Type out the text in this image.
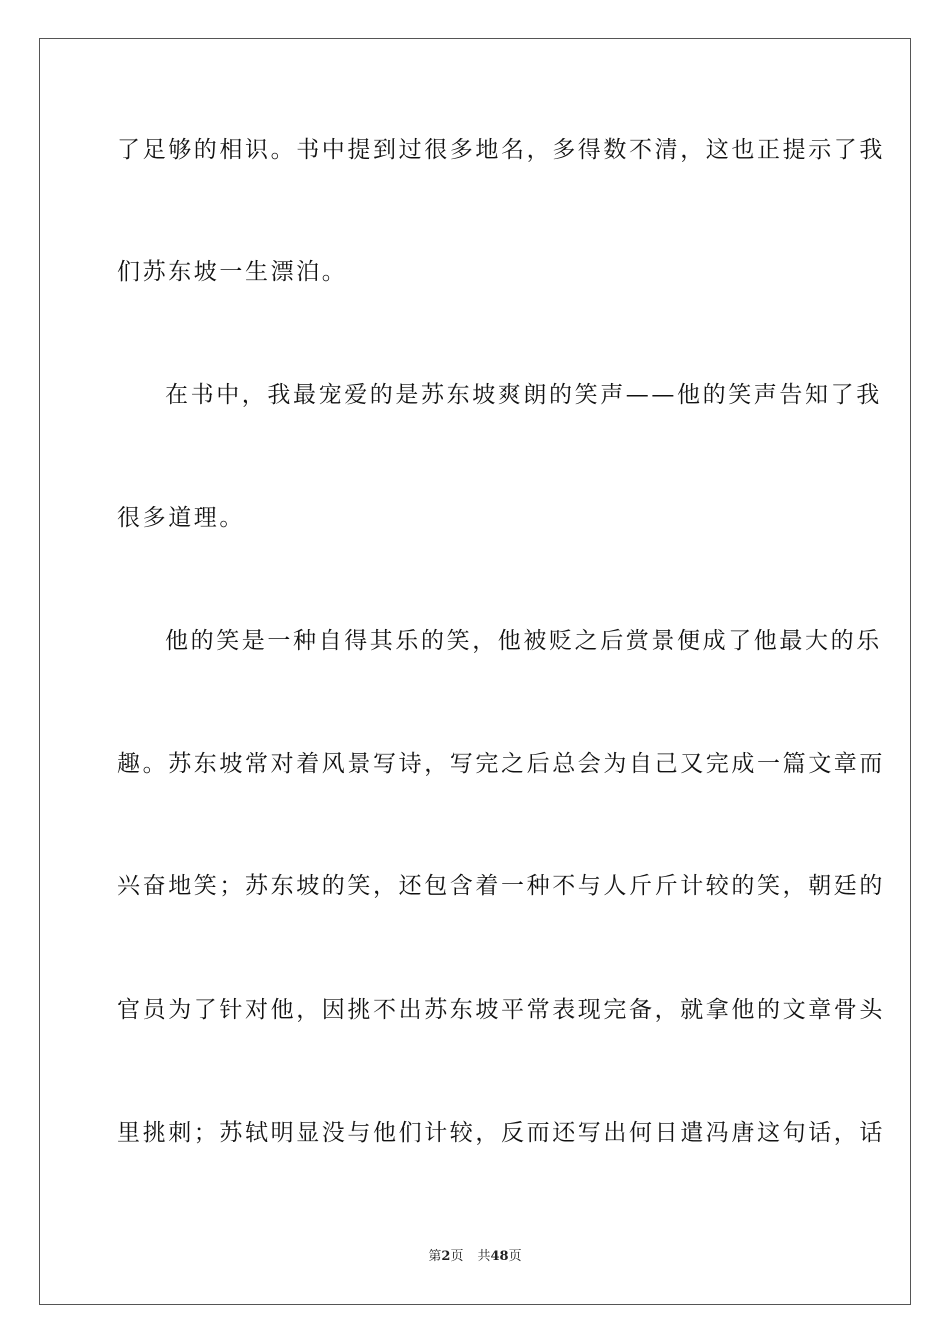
了足够的相识。书中提到过很多地名，多得数不清，这也正提示了我
们苏东坡一生漂泊。
在书中，我最宠爱的是苏东坡爽朗的笑声——他的笑声告知了我
很多道理。
他的笑是一种自得其乐的笑，他被贬之后赏景便成了他最大的乐
趣。苏东坡常对着风景写诗，写完之后总会为自己又完成一篇文章而
兴奋地笑；苏东坡的笑，还包含着一种不与人斤斤计较的笑，朝廷的
官员为了针对他，因挑不出苏东坡平常表现完备，就拿他的文章骨头
里挑刺；苏轼明显没与他们计较，反而还写出何日遣冯唐这句话，话
第2页 共48页
